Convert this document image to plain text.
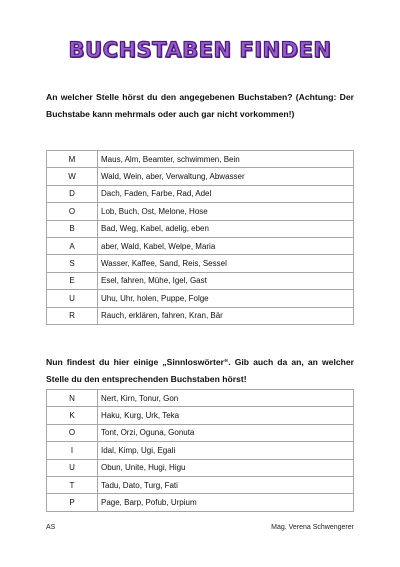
BUCHSTABEN FINDEN

An welcher Stelle hörst du den angegebenen Buchstaben? (Achtung: Der Buchstabe kann mehrmals oder auch gar nicht vorkommen!)

M	Maus, Alm, Beamter, schwimmen, Bein
W	Wald, Wein, aber, Verwaltung, Abwasser
D	Dach, Faden, Farbe, Rad, Adel
O	Lob, Buch, Ost, Melone, Hose
B	Bad, Weg, Kabel, adelig, eben
A	aber, Wald, Kabel, Welpe, Maria
S	Wasser, Kaffee, Sand, Reis, Sessel
E	Esel, fahren, Mühe, Igel, Gast
U	Uhu, Uhr, holen, Puppe, Folge
R	Rauch, erklären, fahren, Kran, Bär

Nun findest du hier einige „Sinnloswörter“. Gib auch da an, an welcher Stelle du den entsprechenden Buchstaben hörst!

N	Nert, Kirn, Tonur, Gon
K	Haku, Kurg, Urk, Teka
O	Tont, Orzi, Oguna, Gonuta
I	Idal, Kimp, Ugi, Egali
U	Obun, Unite, Hugi, Higu
T	Tadu, Dato, Turg, Fati
P	Page, Barp, Pofub, Urpium
AS	Mag. Verena Schwengerer
